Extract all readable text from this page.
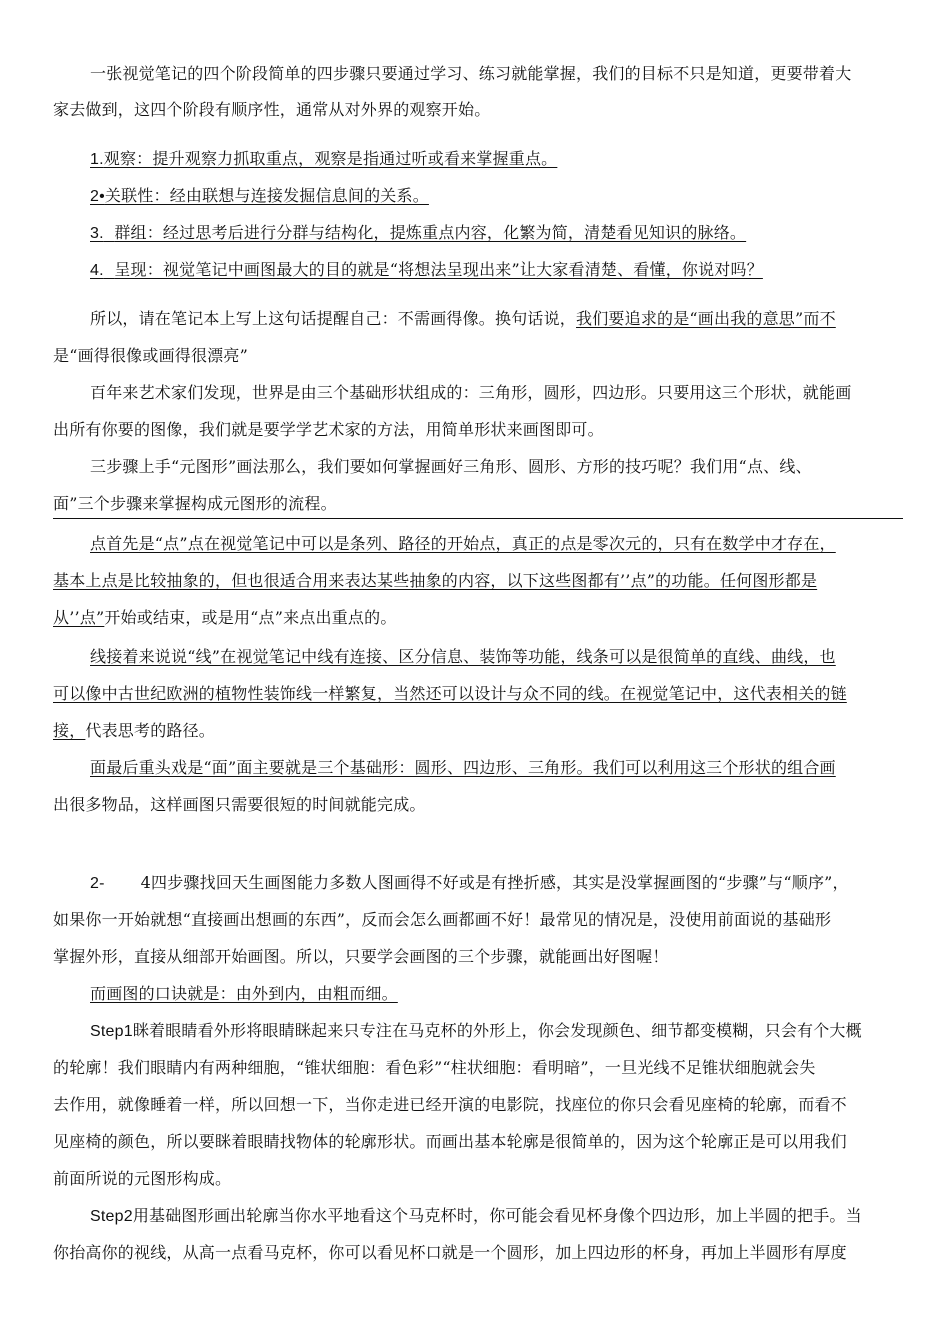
一张视觉笔记的四个阶段简单的四步骤只要通过学习、练习就能掌握，我们的目标不只是知道，更要带着大
家去做到，这四个阶段有顺序性，通常从对外界的观察开始。
1.观察：提升观察力抓取重点，观察是指通过听或看来掌握重点。
2•关联性：经由联想与连接发掘信息间的关系。
3. 群组：经过思考后进行分群与结构化，提炼重点内容，化繁为简，清楚看见知识的脉络。
4. 呈现：视觉笔记中画图最大的目的就是“将想法呈现出来”让大家看清楚、看懂，你说对吗？
所以，请在笔记本上写上这句话提醒自己：不需画得像。换句话说，我们要追求的是“画出我的意思”而不
是“画得很像或画得很漂亮”
百年来艺术家们发现，世界是由三个基础形状组成的：三角形，圆形，四边形。只要用这三个形状，就能画
出所有你要的图像，我们就是要学学艺术家的方法，用简单形状来画图即可。
三步骤上手“元图形”画法那么，我们要如何掌握画好三角形、圆形、方形的技巧呢？我们用“点、线、
面”三个步骤来掌握构成元图形的流程。
点首先是“点”点在视觉笔记中可以是条列、路径的开始点，真正的点是零次元的，只有在数学中才存在，
基本上点是比较抽象的，但也很适合用来表达某些抽象的内容，以下这些图都有’’点”的功能。任何图形都是
从’’点”开始或结束，或是用“点”来点出重点的。
线接着来说说“线”在视觉笔记中线有连接、区分信息、装饰等功能，线条可以是很简单的直线、曲线，也
可以像中古世纪欧洲的植物性装饰线一样繁复，当然还可以设计与众不同的线。在视觉笔记中，这代表相关的链
接，代表思考的路径。
面最后重头戏是“面”面主要就是三个基础形：圆形、四边形、三角形。我们可以利用这三个形状的组合画
出很多物品，这样画图只需要很短的时间就能完成。
2- 4四步骤找回天生画图能力多数人图画得不好或是有挫折感，其实是没掌握画图的“步骤”与“顺序”，
如果你一开始就想“直接画出想画的东西”，反而会怎么画都画不好！最常见的情况是，没使用前面说的基础形
掌握外形，直接从细部开始画图。所以，只要学会画图的三个步骤，就能画出好图喔！
而画图的口诀就是：由外到内，由粗而细。
Step1眯着眼睛看外形将眼睛眯起来只专注在马克杯的外形上，你会发现颜色、细节都变模糊，只会有个大概
的轮廓！我们眼睛内有两种细胞，“锥状细胞：看色彩”“柱状细胞：看明暗”，一旦光线不足锥状细胞就会失
去作用，就像睡着一样，所以回想一下，当你走进已经开演的电影院，找座位的你只会看见座椅的轮廓，而看不
见座椅的颜色，所以要眯着眼睛找物体的轮廓形状。而画出基本轮廓是很简单的，因为这个轮廓正是可以用我们
前面所说的元图形构成。
Step2用基础图形画出轮廓当你水平地看这个马克杯时，你可能会看见杯身像个四边形，加上半圆的把手。当
你抬高你的视线，从高一点看马克杯，你可以看见杯口就是一个圆形，加上四边形的杯身，再加上半圆形有厚度
